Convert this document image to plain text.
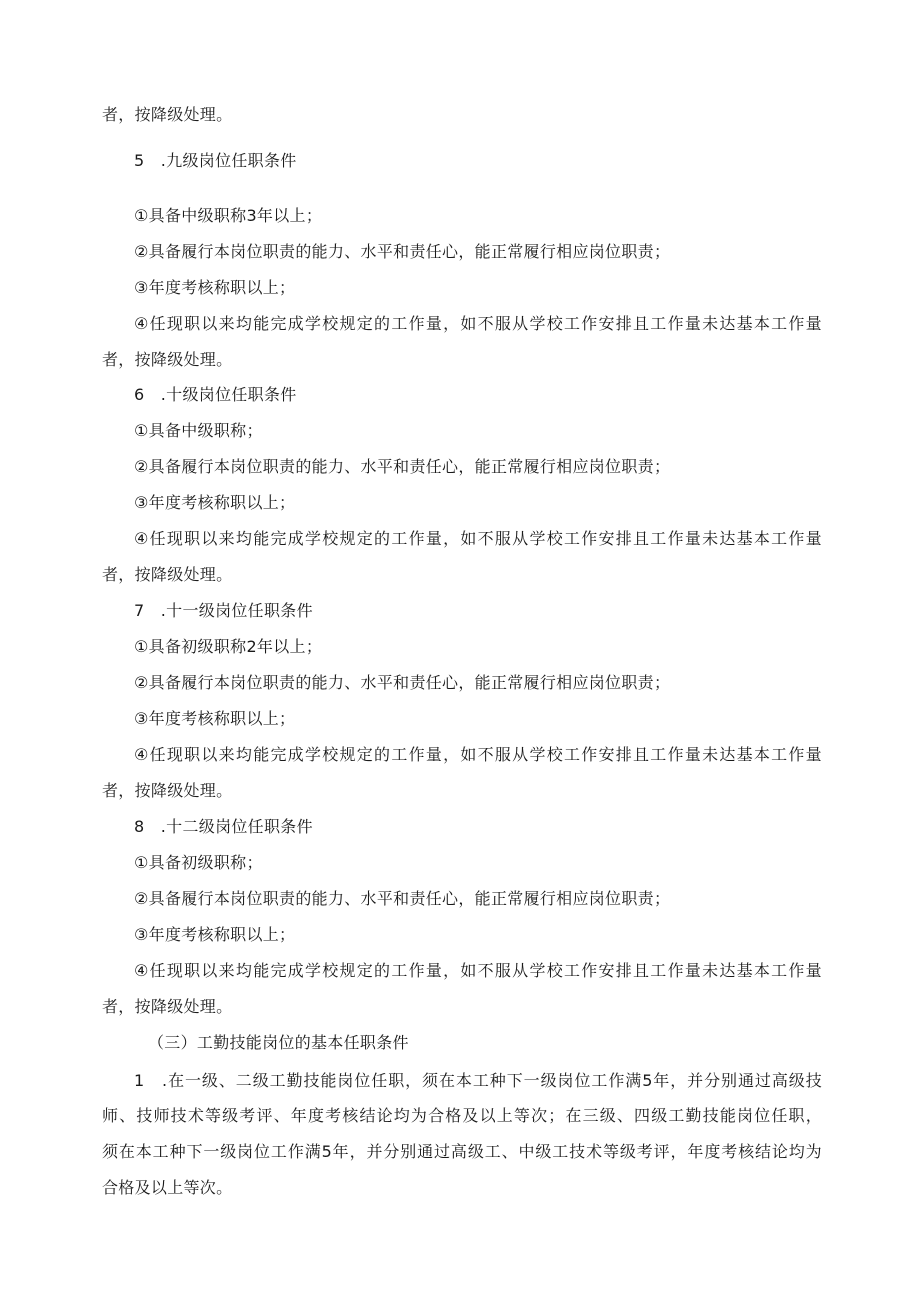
者，按降级处理。
5　.九级岗位任职条件
①具备中级职称3年以上；
②具备履行本岗位职责的能力、水平和责任心，能正常履行相应岗位职责；
③年度考核称职以上；
④任现职以来均能完成学校规定的工作量，如不服从学校工作安排且工作量未达基本工作量
者，按降级处理。
6　.十级岗位任职条件
①具备中级职称；
②具备履行本岗位职责的能力、水平和责任心，能正常履行相应岗位职责；
③年度考核称职以上；
④任现职以来均能完成学校规定的工作量，如不服从学校工作安排且工作量未达基本工作量
者，按降级处理。
7　.十一级岗位任职条件
①具备初级职称2年以上；
②具备履行本岗位职责的能力、水平和责任心，能正常履行相应岗位职责；
③年度考核称职以上；
④任现职以来均能完成学校规定的工作量，如不服从学校工作安排且工作量未达基本工作量
者，按降级处理。
8　.十二级岗位任职条件
①具备初级职称；
②具备履行本岗位职责的能力、水平和责任心，能正常履行相应岗位职责；
③年度考核称职以上；
④任现职以来均能完成学校规定的工作量，如不服从学校工作安排且工作量未达基本工作量
者，按降级处理。
（三）工勤技能岗位的基本任职条件
1　.在一级、二级工勤技能岗位任职，须在本工种下一级岗位工作满5年，并分别通过高级技
师、技师技术等级考评、年度考核结论均为合格及以上等次；在三级、四级工勤技能岗位任职，
须在本工种下一级岗位工作满5年，并分别通过高级工、中级工技术等级考评，年度考核结论均为
合格及以上等次。
